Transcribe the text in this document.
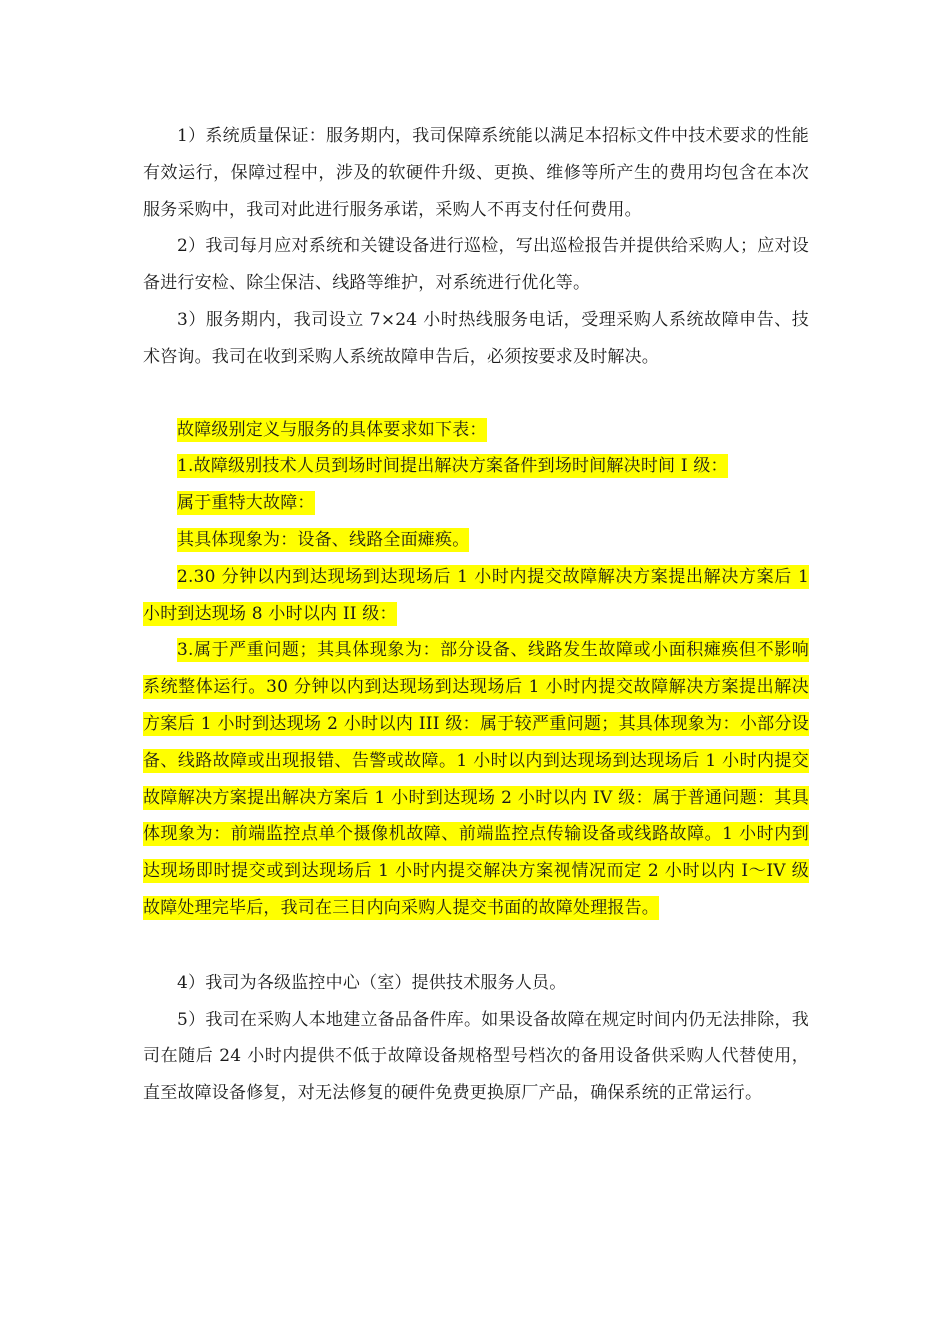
1）系统质量保证：服务期内，我司保障系统能以满足本招标文件中技术要求的性能有效运行，保障过程中，涉及的软硬件升级、更换、维修等所产生的费用均包含在本次服务采购中，我司对此进行服务承诺，采购人不再支付任何费用。

2）我司每月应对系统和关键设备进行巡检，写出巡检报告并提供给采购人；应对设备进行安检、除尘保洁、线路等维护，对系统进行优化等。

3）服务期内，我司设立 7×24 小时热线服务电话，受理采购人系统故障申告、技术咨询。我司在收到采购人系统故障申告后，必须按要求及时解决。

故障级别定义与服务的具体要求如下表：

1.故障级别技术人员到场时间提出解决方案备件到场时间解决时间 I 级：

属于重特大故障：

其具体现象为：设备、线路全面瘫痪。

2.30 分钟以内到达现场到达现场后 1 小时内提交故障解决方案提出解决方案后 1 小时到达现场 8 小时以内 II 级：

3.属于严重问题；其具体现象为：部分设备、线路发生故障或小面积瘫痪但不影响系统整体运行。30 分钟以内到达现场到达现场后 1 小时内提交故障解决方案提出解决方案后 1 小时到达现场 2 小时以内 III 级：属于较严重问题；其具体现象为：小部分设备、线路故障或出现报错、告警或故障。1 小时以内到达现场到达现场后 1 小时内提交故障解决方案提出解决方案后 1 小时到达现场 2 小时以内 IV 级：属于普通问题：其具体现象为：前端监控点单个摄像机故障、前端监控点传输设备或线路故障。1 小时内到达现场即时提交或到达现场后 1 小时内提交解决方案视情况而定 2 小时以内 I～IV 级故障处理完毕后，我司在三日内向采购人提交书面的故障处理报告。

4）我司为各级监控中心（室）提供技术服务人员。

5）我司在采购人本地建立备品备件库。如果设备故障在规定时间内仍无法排除，我司在随后 24 小时内提供不低于故障设备规格型号档次的备用设备供采购人代替使用，直至故障设备修复，对无法修复的硬件免费更换原厂产品，确保系统的正常运行。
